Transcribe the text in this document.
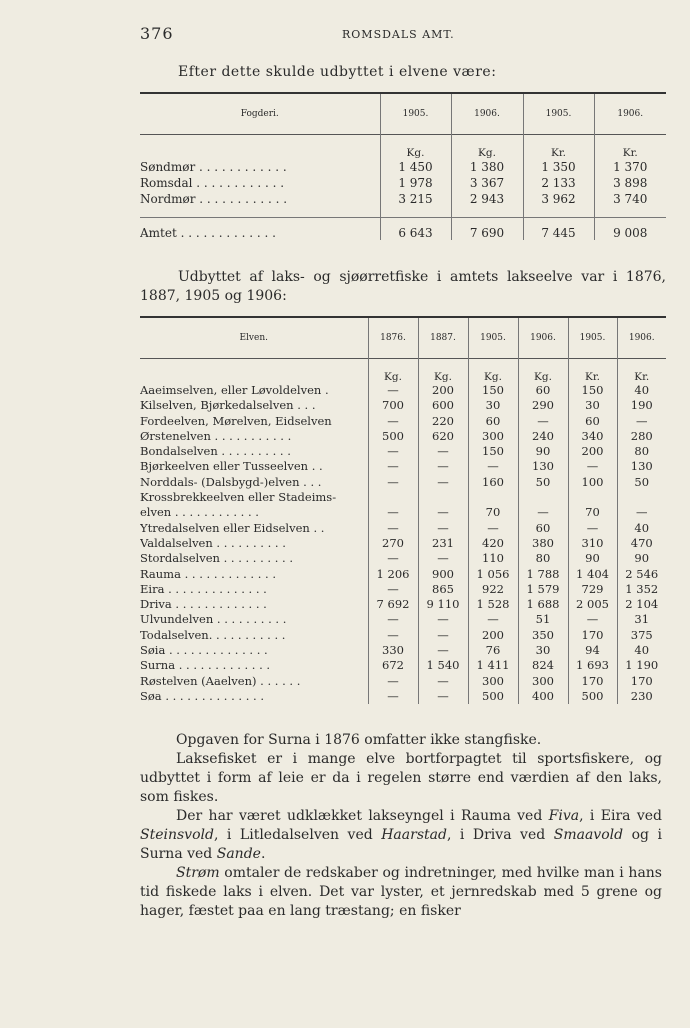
376	ROMSDALS AMT.
Efter dette skulde udbyttet i elvene være:
Fogderi.	1905.	1906.	1905.	1906.
	Kg.	Kg.	Kr.	Kr.
Søndmør . . . . . . . . . . . .	1 450	1 380	1 350	1 370
Romsdal . . . . . . . . . . . .	1 978	3 367	2 133	3 898
Nordmør . . . . . . . . . . . .	3 215	2 943	3 962	3 740

Amtet . . . . . . . . . . . . .	6 643	7 690	7 445	9 008
Udbyttet af laks- og sjøørretfiske i amtets lakseelve var i 1876, 1887, 1905 og 1906:
Elven.	1876.	1887.	1905.	1906.	1905.	1906.
	Kg.	Kg.	Kg.	Kg.	Kr.	Kr.
Aaeimselven, eller Løvoldelven .	—	200	150	60	150	40
Kilselven, Bjørkedalselven . . .	700	600	30	290	30	190
Fordeelven, Mørelven, Eidselven	—	220	60	—	60	—
Ørstenelven . . . . . . . . . . .	500	620	300	240	340	280
Bondalselven . . . . . . . . . .	—	—	150	90	200	80
Bjørkeelven eller Tusseelven . .	—	—	—	130	—	130
Norddals- (Dalsbygd-)elven . . .	—	—	160	50	100	50
Krossbrekkeelven eller Stadeims-						
elven . . . . . . . . . . . .	—	—	70	—	70	—
Ytredalselven eller Eidselven . .	—	—	—	60	—	40
Valdalselven . . . . . . . . . .	270	231	420	380	310	470
Stordalselven . . . . . . . . . .	—	—	110	80	90	90
Rauma . . . . . . . . . . . . .	1 206	900	1 056	1 788	1 404	2 546
Eira . . . . . . . . . . . . . .	—	865	922	1 579	729	1 352
Driva . . . . . . . . . . . . .	7 692	9 110	1 528	1 688	2 005	2 104
Ulvundelven . . . . . . . . . .	—	—	—	51	—	31
Todalselven. . . . . . . . . . .	—	—	200	350	170	375
Søia . . . . . . . . . . . . . .	330	—	76	30	94	40
Surna . . . . . . . . . . . . .	672	1 540	1 411	824	1 693	1 190
Røstelven (Aaelven) . . . . . .	—	—	300	300	170	170
Søa . . . . . . . . . . . . . .	—	—	500	400	500	230
Opgaven for Surna i 1876 omfatter ikke stangfiske.
Laksefisket er i mange elve bortforpagtet til sportsfiskere, og udbyttet i form af leie er da i regelen større end værdien af den laks, som fiskes.
Der har været udklækket lakseyngel i Rauma ved Fiva, i Eira ved Steinsvold, i Litledalselven ved Haarstad, i Driva ved Smaavold og i Surna ved Sande.
Strøm omtaler de redskaber og indretninger, med hvilke man i hans tid fiskede laks i elven. Det var lyster, et jernredskab med 5 grene og hager, fæstet paa en lang træstang; en fisker
